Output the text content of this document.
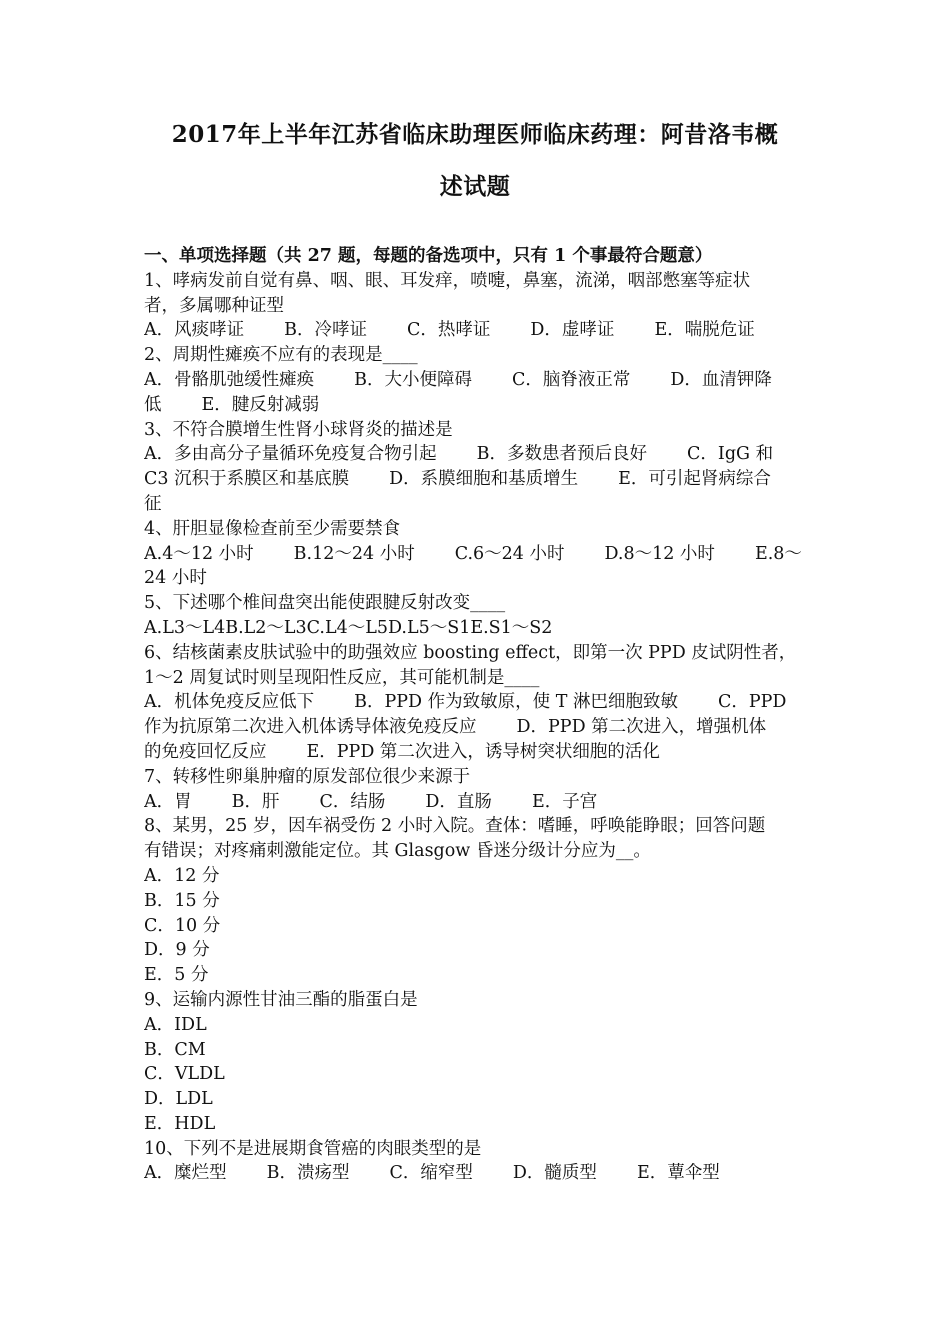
2017年上半年江苏省临床助理医师临床药理：阿昔洛韦概
述试题
一、单项选择题（共 27 题，每题的备选项中，只有 1 个事最符合题意）
1、哮病发前自觉有鼻、咽、眼、耳发痒，喷嚏，鼻塞，流涕，咽部憋塞等症状
者，多属哪种证型
A．风痰哮证 B．冷哮证 C．热哮证 D．虚哮证 E．喘脱危证
2、周期性瘫痪不应有的表现是____
A．骨骼肌弛缓性瘫痪 B．大小便障碍 C．脑脊液正常 D．血清钾降
低 E．腱反射减弱
3、不符合膜增生性肾小球肾炎的描述是
A．多由高分子量循环免疫复合物引起 B．多数患者预后良好 C．IgG 和
C3 沉积于系膜区和基底膜 D．系膜细胞和基质增生 E．可引起肾病综合
征
4、肝胆显像检查前至少需要禁食
A.4～12 小时 B.12～24 小时 C.6～24 小时 D.8～12 小时 E.8～
24 小时
5、下述哪个椎间盘突出能使跟腱反射改变____
A.L3～L4B.L2～L3C.L4～L5D.L5～S1E.S1～S2
6、结核菌素皮肤试验中的助强效应 boosting effect，即第一次 PPD 皮试阴性者，
1～2 周复试时则呈现阳性反应，其可能机制是____
A．机体免疫反应低下 B．PPD 作为致敏原，使 T 淋巴细胞致敏 C．PPD
作为抗原第二次进入机体诱导体液免疫反应 D．PPD 第二次进入，增强机体
的免疫回忆反应 E．PPD 第二次进入，诱导树突状细胞的活化
7、转移性卵巢肿瘤的原发部位很少来源于
A．胃 B．肝 C．结肠 D．直肠 E．子宫
8、某男，25 岁，因车祸受伤 2 小时入院。查体：嗜睡，呼唤能睁眼；回答问题
有错误；对疼痛刺激能定位。其 Glasgow 昏迷分级计分应为__。
A．12 分
B．15 分
C．10 分
D．9 分
E．5 分
9、运输内源性甘油三酯的脂蛋白是
A．IDL
B．CM
C．VLDL
D．LDL
E．HDL
10、下列不是进展期食管癌的肉眼类型的是
A．糜烂型 B．溃疡型 C．缩窄型 D．髓质型 E．蕈伞型
